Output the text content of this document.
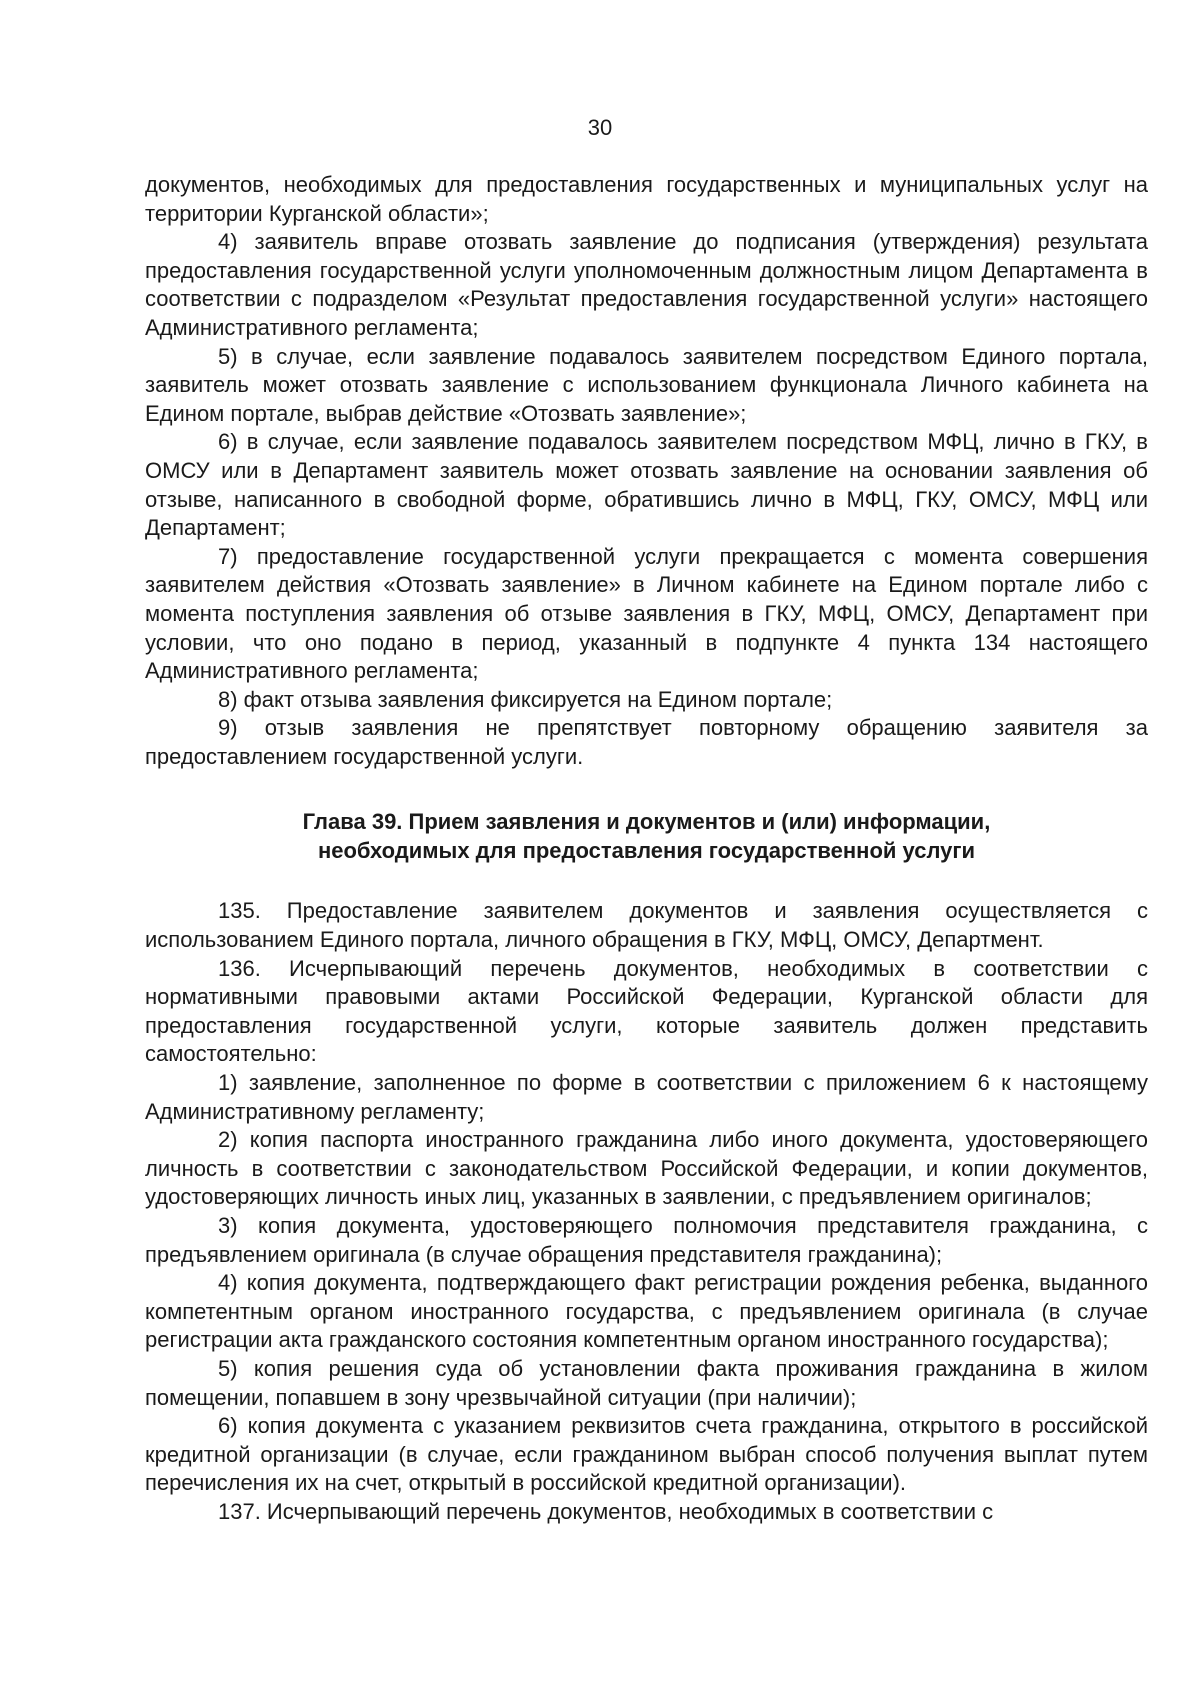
30

документов, необходимых для предоставления государственных и муниципальных услуг на территории Курганской области»;

4) заявитель вправе отозвать заявление до подписания (утверждения) результата предоставления государственной услуги уполномоченным должностным лицом Департамента в соответствии с подразделом «Результат предоставления государственной услуги» настоящего Административного регламента;

5) в случае, если заявление подавалось заявителем посредством Единого портала, заявитель может отозвать заявление с использованием функционала Личного кабинета на Едином портале, выбрав действие «Отозвать заявление»;

6) в случае, если заявление подавалось заявителем посредством МФЦ, лично в ГКУ, в ОМСУ или в Департамент заявитель может отозвать заявление на основании заявления об отзыве, написанного в свободной форме, обратившись лично в МФЦ, ГКУ, ОМСУ, МФЦ или Департамент;

7) предоставление государственной услуги прекращается с момента совершения заявителем действия «Отозвать заявление» в Личном кабинете на Едином портале либо с момента поступления заявления об отзыве заявления в ГКУ, МФЦ, ОМСУ, Департамент при условии, что оно подано в период, указанный в подпункте 4 пункта 134 настоящего Административного регламента;

8) факт отзыва заявления фиксируется на Едином портале;

9) отзыв заявления не препятствует повторному обращению заявителя за предоставлением государственной услуги.

Глава 39. Прием заявления и документов и (или) информации,
необходимых для предоставления государственной услуги

135. Предоставление заявителем документов и заявления осуществляется с использованием Единого портала, личного обращения в ГКУ, МФЦ, ОМСУ, Департмент.

136. Исчерпывающий перечень документов, необходимых в соответствии с нормативными правовыми актами Российской Федерации, Курганской области для предоставления государственной услуги, которые заявитель должен представить самостоятельно:

1) заявление, заполненное по форме в соответствии с приложением 6 к настоящему Административному регламенту;

2) копия паспорта иностранного гражданина либо иного документа, удостоверяющего личность в соответствии с законодательством Российской Федерации, и копии документов, удостоверяющих личность иных лиц, указанных в заявлении, с предъявлением оригиналов;

3) копия документа, удостоверяющего полномочия представителя гражданина, с предъявлением оригинала (в случае обращения представителя гражданина);

4) копия документа, подтверждающего факт регистрации рождения ребенка, выданного компетентным органом иностранного государства, с предъявлением оригинала (в случае регистрации акта гражданского состояния компетентным органом иностранного государства);

5) копия решения суда об установлении факта проживания гражданина в жилом помещении, попавшем в зону чрезвычайной ситуации (при наличии);

6) копия документа с указанием реквизитов счета гражданина, открытого в российской кредитной организации (в случае, если гражданином выбран способ получения выплат путем перечисления их на счет, открытый в российской кредитной организации).

137. Исчерпывающий перечень документов, необходимых в соответствии с
